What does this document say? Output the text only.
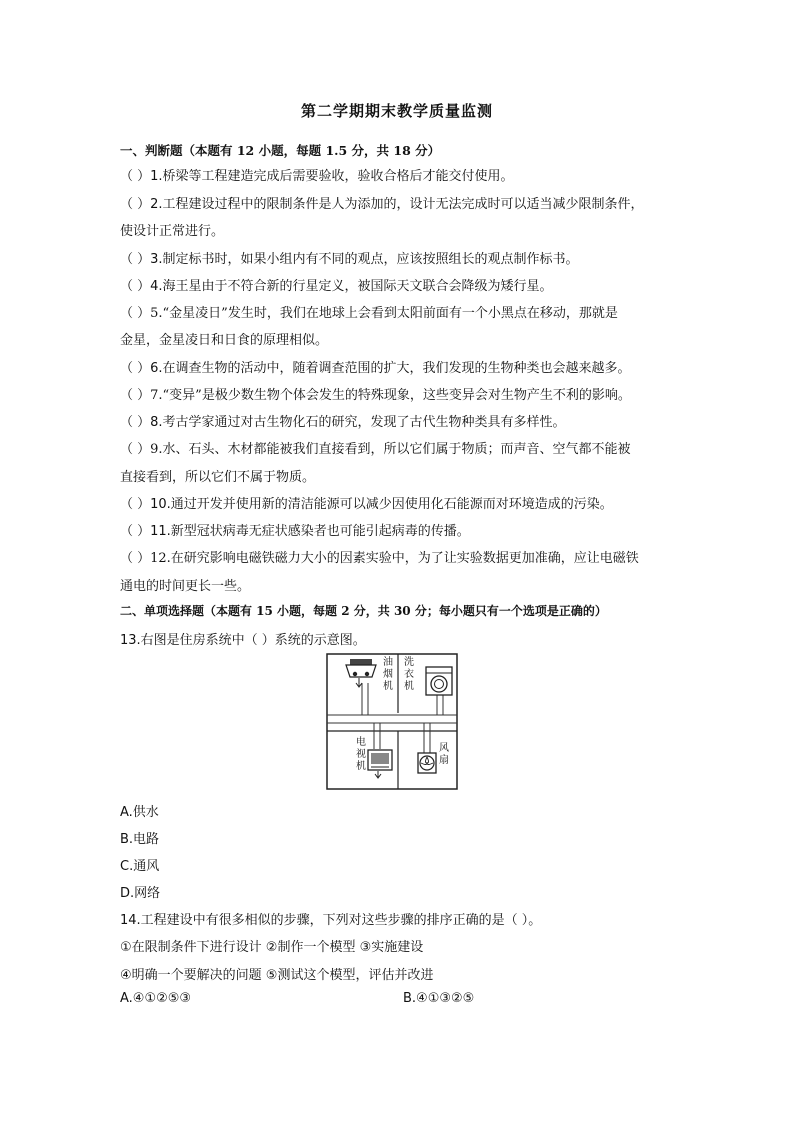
第二学期期末教学质量监测
一、判断题（本题有 12 小题，每题 1.5 分，共 18 分）
（ ）1.桥梁等工程建造完成后需要验收，验收合格后才能交付使用。
（ ）2.工程建设过程中的限制条件是人为添加的，设计无法完成时可以适当减少限制条件，
使设计正常进行。
（ ）3.制定标书时，如果小组内有不同的观点，应该按照组长的观点制作标书。
（ ）4.海王星由于不符合新的行星定义，被国际天文联合会降级为矮行星。
（ ）5.“金星凌日”发生时，我们在地球上会看到太阳前面有一个小黑点在移动，那就是
金星，金星凌日和日食的原理相似。
（ ）6.在调查生物的活动中，随着调查范围的扩大，我们发现的生物种类也会越来越多。
（ ）7.“变异”是极少数生物个体会发生的特殊现象，这些变异会对生物产生不利的影响。
（ ）8.考古学家通过对古生物化石的研究，发现了古代生物种类具有多样性。
（ ）9.水、石头、木材都能被我们直接看到，所以它们属于物质；而声音、空气都不能被
直接看到，所以它们不属于物质。
（ ）10.通过开发并使用新的清洁能源可以减少因使用化石能源而对环境造成的污染。
（ ）11.新型冠状病毒无症状感染者也可能引起病毒的传播。
（ ）12.在研究影响电磁铁磁力大小的因素实验中，为了让实验数据更加准确，应让电磁铁
通电的时间更长一些。
二、单项选择题（本题有 15 小题，每题 2 分，共 30 分；每小题只有一个选项是正确的）
13.右图是住房系统中（ ）系统的示意图。
油
烟
机
洗
衣
机
电
视
机
风
扇
A.供水
B.电路
C.通风
D.网络
14.工程建设中有很多相似的步骤，下列对这些步骤的排序正确的是（ ）。
①在限制条件下进行设计 ②制作一个模型 ③实施建设
④明确一个要解决的问题 ⑤测试这个模型，评估并改进
A.④①②⑤③	B.④①③②⑤
